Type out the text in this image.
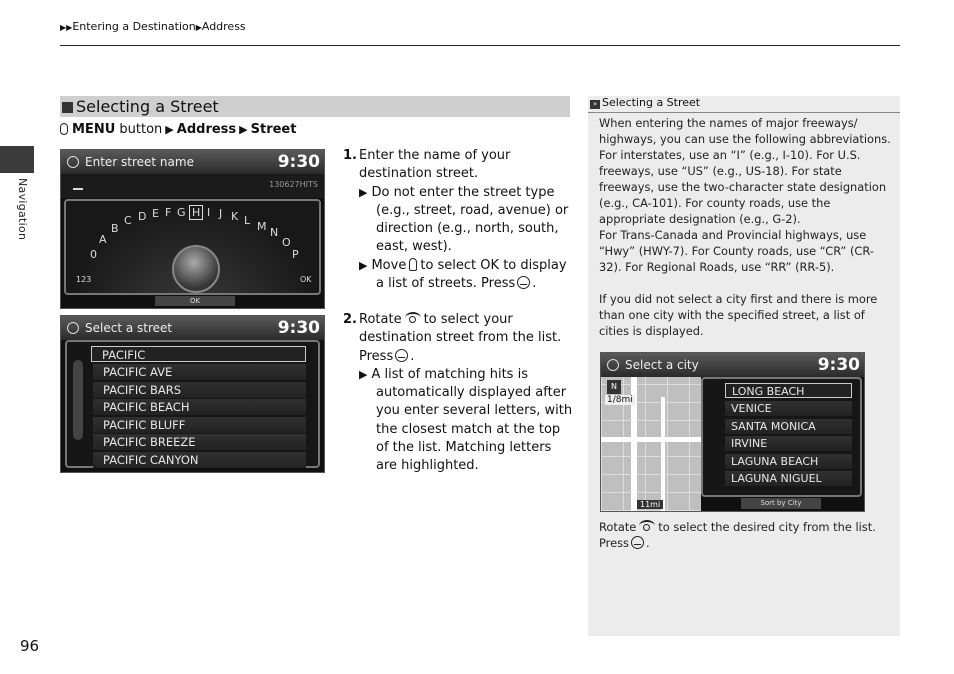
▶▶Entering a Destination▶Address
Navigation
96
Selecting a Street
MENU button ▶ Address ▶ Street
Enter street name	9:30
130627HITS
0
A
B
C D E F G H I J K L M N
O
P
123	OK
OK
Select a street	9:30
PACIFIC
PACIFIC AVE
PACIFIC BARS
PACIFIC BEACH
PACIFIC BLUFF
PACIFIC BREEZE
PACIFIC CANYON
1. Enter the name of your destination street.
▶ Do not enter the street type (e.g., street, road, avenue) or direction (e.g., north, south, east, west).
▶ Move to select OK to display a list of streets. Press .
2. Rotate to select your destination street from the list. Press .
▶ A list of matching hits is automatically displayed after you enter several letters, with the closest match at the top of the list. Matching letters are highlighted.
» Selecting a Street

When entering the names of major freeways/ highways, you can use the following abbreviations. For interstates, use an “I” (e.g., I-10). For U.S. freeways, use “US” (e.g., US-18). For state freeways, use the two-character state designation (e.g., CA-101). For county roads, use the appropriate designation (e.g., G-2).

For Trans-Canada and Provincial highways, use “Hwy” (HWY-7). For County roads, use “CR” (CR-32). For Regional Roads, use “RR” (RR-5).

If you did not select a city first and there is more than one city with the specified street, a list of cities is displayed.

Select a city	9:30
N
1/8mi
11mi
LONG BEACH
VENICE
SANTA MONICA
IRVINE
LAGUNA BEACH
LAGUNA NIGUEL
Sort by City
Rotate to select the desired city from the list.
Press .
